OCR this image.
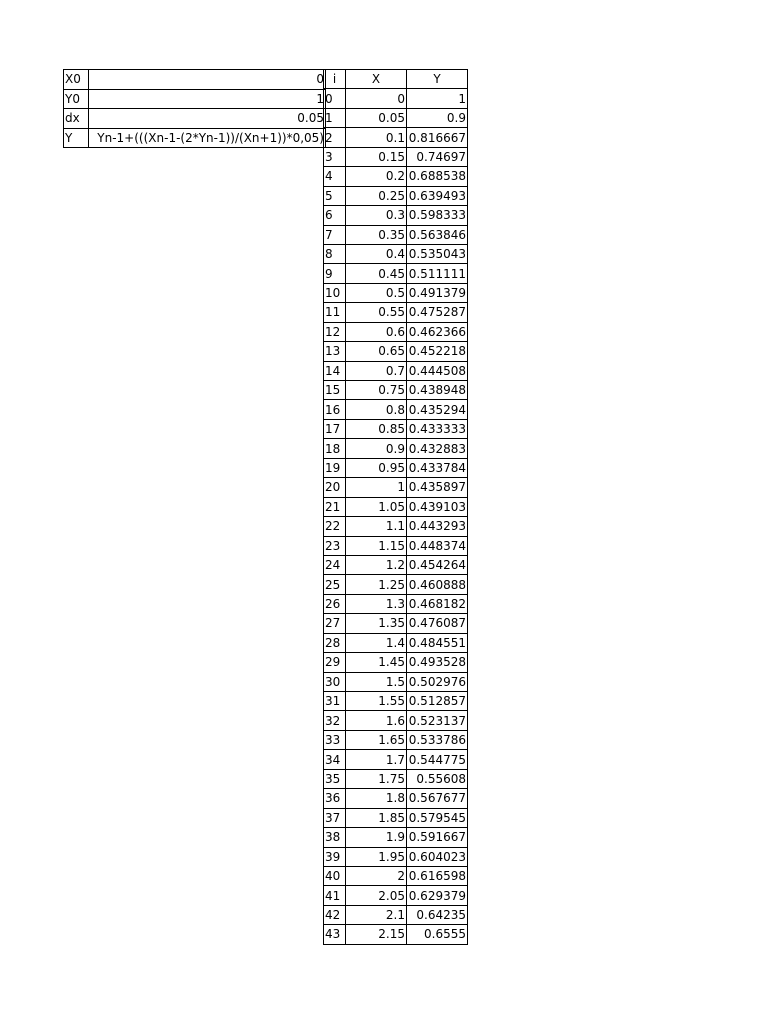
X0	0
Y0	1
dx	0.05
Y	Yn-1+(((Xn-1-(2*Yn-1))/(Xn+1))*0,05)
i	X	Y
0	0	1
1	0.05	0.9
2	0.1	0.816667
3	0.15	0.74697
4	0.2	0.688538
5	0.25	0.639493
6	0.3	0.598333
7	0.35	0.563846
8	0.4	0.535043
9	0.45	0.511111
10	0.5	0.491379
11	0.55	0.475287
12	0.6	0.462366
13	0.65	0.452218
14	0.7	0.444508
15	0.75	0.438948
16	0.8	0.435294
17	0.85	0.433333
18	0.9	0.432883
19	0.95	0.433784
20	1	0.435897
21	1.05	0.439103
22	1.1	0.443293
23	1.15	0.448374
24	1.2	0.454264
25	1.25	0.460888
26	1.3	0.468182
27	1.35	0.476087
28	1.4	0.484551
29	1.45	0.493528
30	1.5	0.502976
31	1.55	0.512857
32	1.6	0.523137
33	1.65	0.533786
34	1.7	0.544775
35	1.75	0.55608
36	1.8	0.567677
37	1.85	0.579545
38	1.9	0.591667
39	1.95	0.604023
40	2	0.616598
41	2.05	0.629379
42	2.1	0.64235
43	2.15	0.6555
